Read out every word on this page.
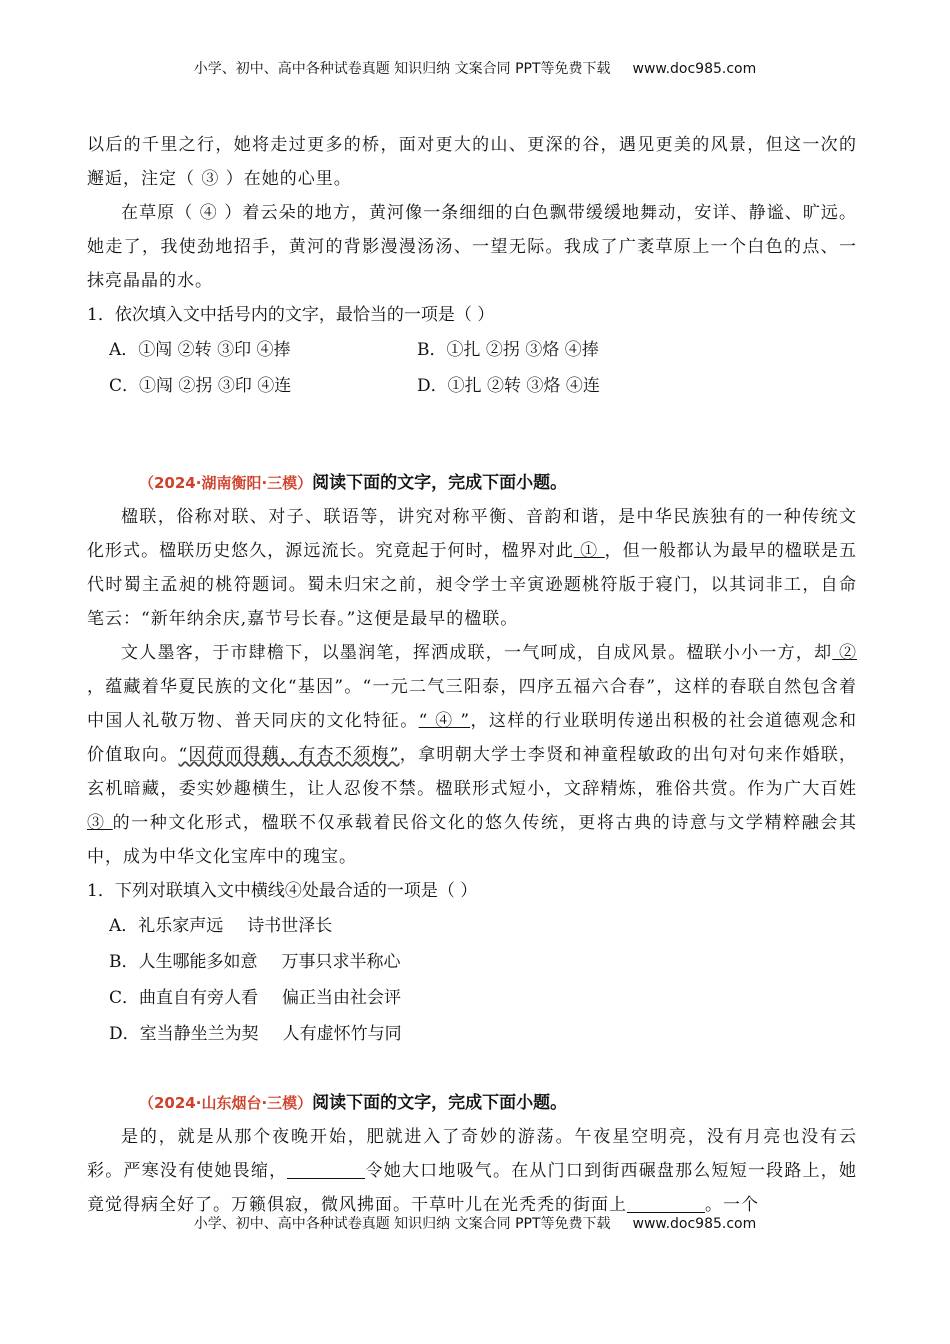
小学、初中、高中各种试卷真题 知识归纳 文案合同 PPT等免费下载 www.doc985.com

以后的千里之行，她将走过更多的桥，面对更大的山、更深的谷，遇见更美的风景，但这一次的邂逅，注定（ ③ ）在她的心里。

在草原（ ④ ）着云朵的地方，黄河像一条细细的白色飘带缓缓地舞动，安详、静谧、旷远。她走了，我使劲地招手，黄河的背影漫漫汤汤、一望无际。我成了广袤草原上一个白色的点、一抹亮晶晶的水。

1．依次填入文中括号内的文字，最恰当的一项是（ ）
A．①闯 ②转 ③印 ④捧	B．①扎 ②拐 ③烙 ④捧
C．①闯 ②拐 ③印 ④连	D．①扎 ②转 ③烙 ④连
（2024·湖南衡阳·三模）阅读下面的文字，完成下面小题。

楹联，俗称对联、对子、联语等，讲究对称平衡、音韵和谐，是中华民族独有的一种传统文化形式。楹联历史悠久，源远流长。究竟起于何时，楹界对此 ① ，但一般都认为最早的楹联是五代时蜀主孟昶的桃符题词。蜀未归宋之前，昶令学士辛寅逊题桃符版于寝门，以其词非工，自命笔云：“新年纳余庆,嘉节号长春。”这便是最早的楹联。

文人墨客，于市肆檐下，以墨润笔，挥洒成联，一气呵成，自成风景。楹联小小一方，却 ② ，蕴藏着华夏民族的文化“基因”。“一元二气三阳泰，四序五福六合春”，这样的春联自然包含着中国人礼敬万物、普天同庆的文化特征。“ ④ ”，这样的行业联明传递出积极的社会道德观念和价值取向。“因荷而得藕，有杏不须梅”，拿明朝大学士李贤和神童程敏政的出句对句来作婚联，玄机暗藏，委实妙趣横生，让人忍俊不禁。楹联形式短小，文辞精炼，雅俗共赏。作为广大百姓 ③ 的一种文化形式，楹联不仅承载着民俗文化的悠久传统，更将古典的诗意与文学精粹融会其中，成为中华文化宝库中的瑰宝。

1．下列对联填入文中横线④处最合适的一项是（ ）
A．礼乐家声远 诗书世泽长
B．人生哪能多如意 万事只求半称心
C．曲直自有旁人看 偏正当由社会评
D．室当静坐兰为契 人有虚怀竹与同
（2024·山东烟台·三模）阅读下面的文字，完成下面小题。

是的，就是从那个夜晚开始，肥就进入了奇妙的游荡。午夜星空明亮，没有月亮也没有云彩。严寒没有使她畏缩，	令她大口地吸气。在从门口到街西碾盘那么短短一段路上，她竟觉得病全好了。万籁俱寂，微风拂面。干草叶儿在光秃秃的街面上	。一个

小学、初中、高中各种试卷真题 知识归纳 文案合同 PPT等免费下载 www.doc985.com
